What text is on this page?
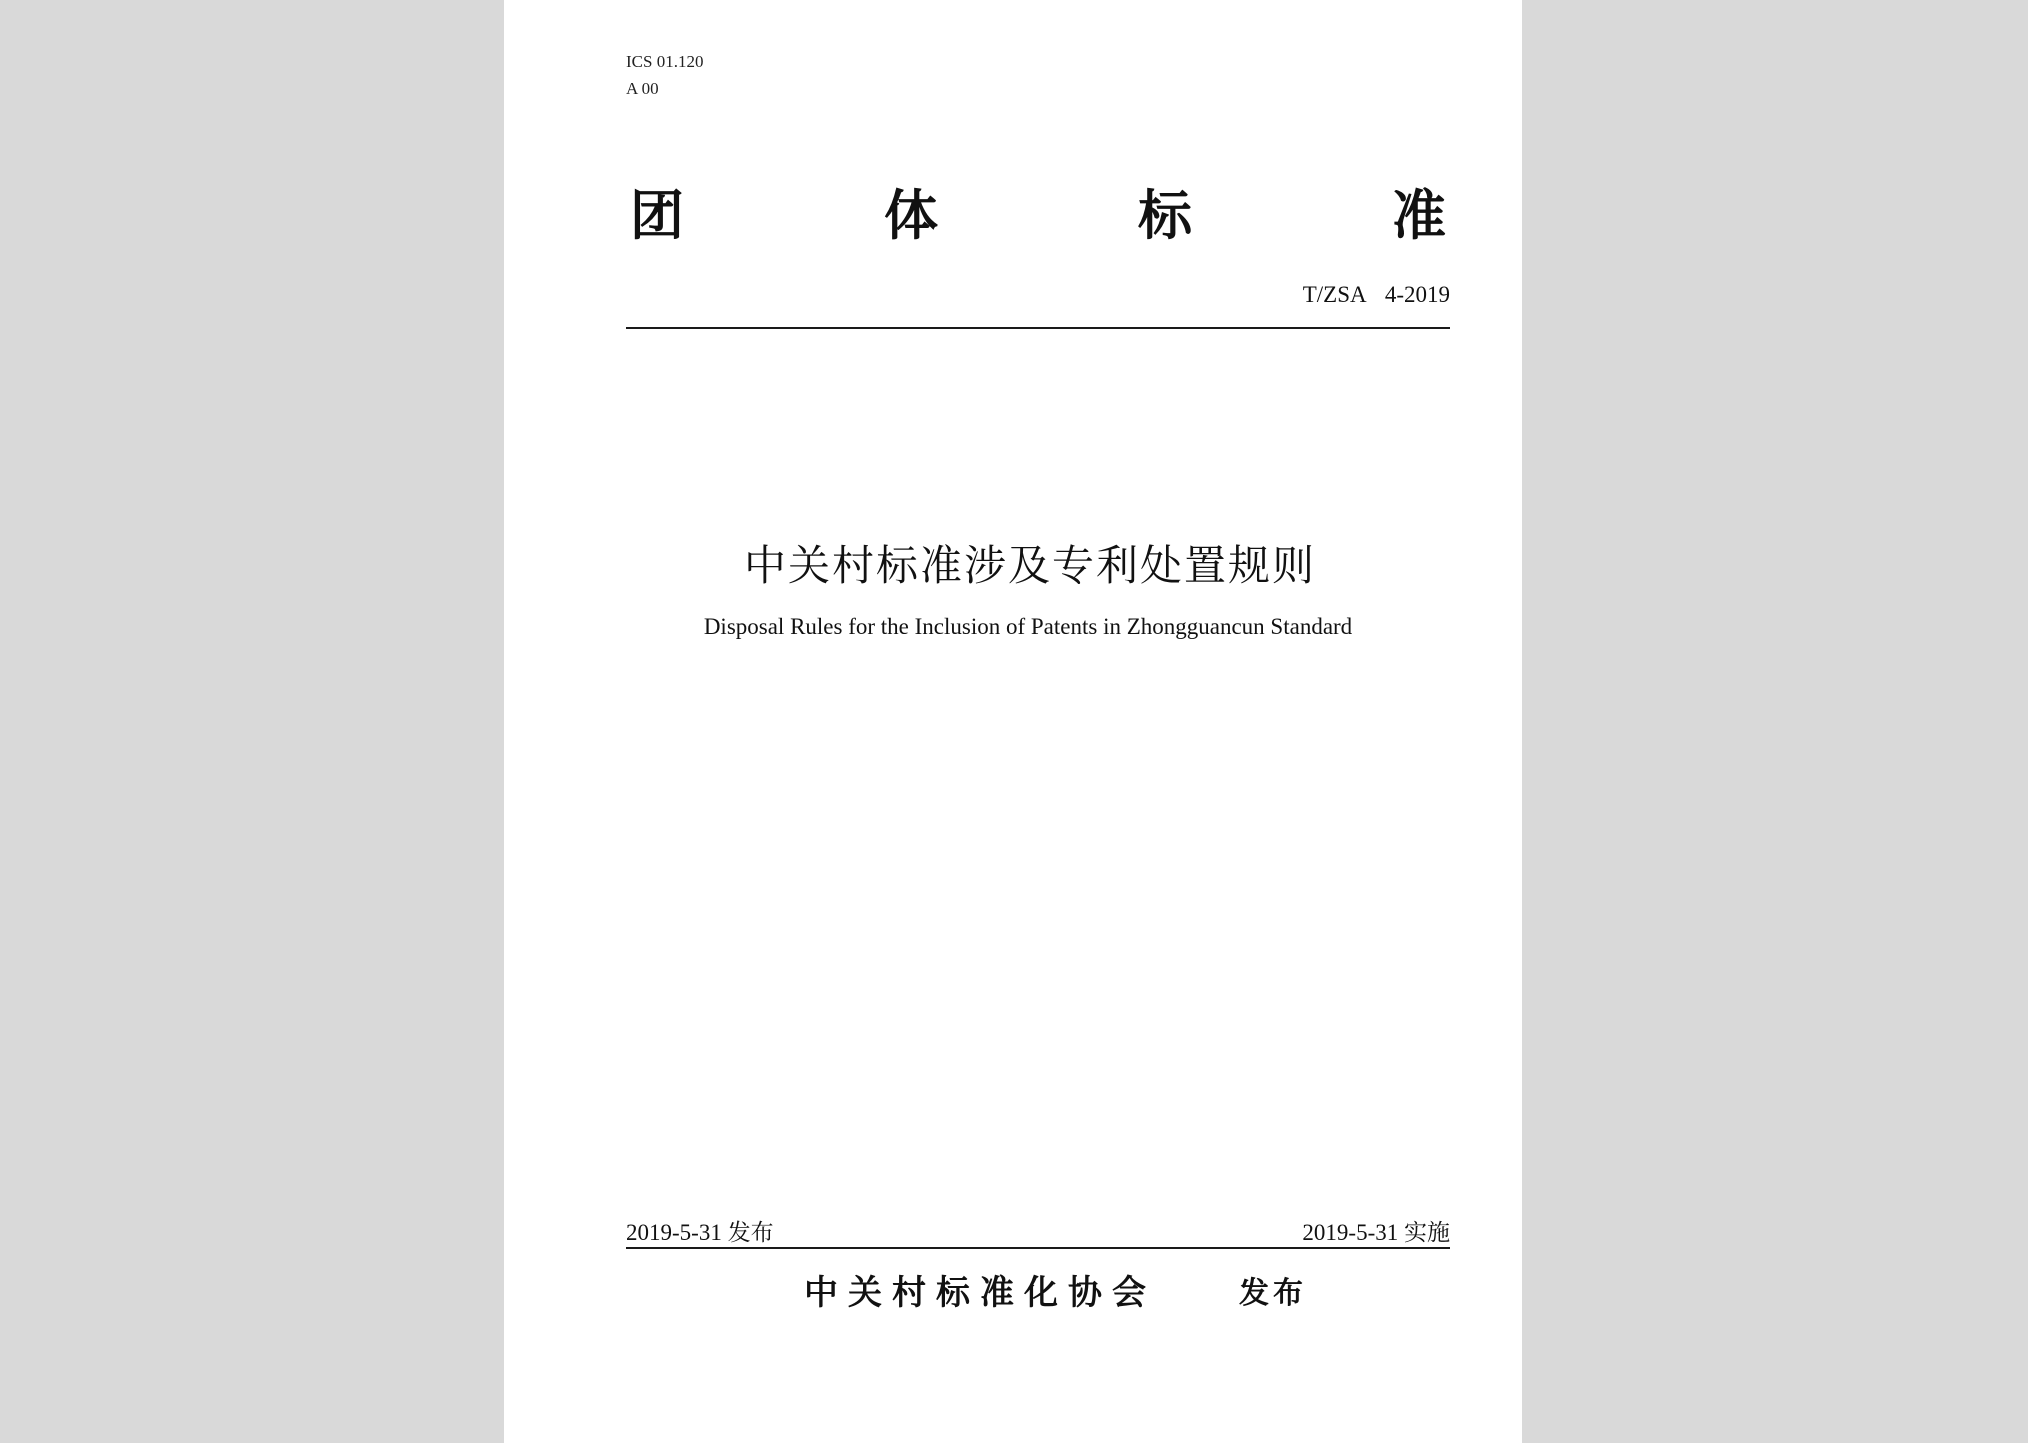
ICS 01.120
A 00
团	体	标	准
T/ZSA  4-2019
中关村标准涉及专利处置规则
Disposal Rules for the Inclusion of Patents in Zhongguancun Standard
2019-5-31 发布	2019-5-31 实施
中关村标准化协会	发布
